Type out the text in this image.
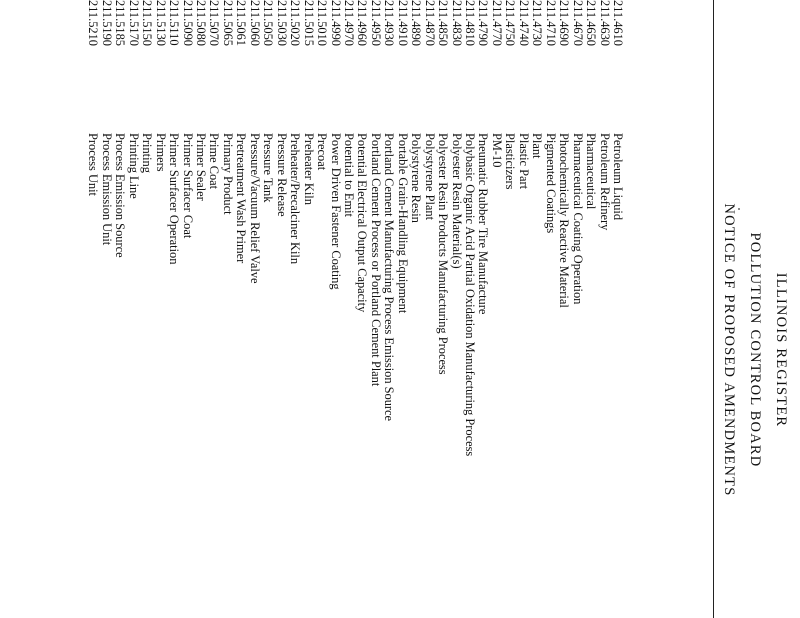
ILLINOIS REGISTER
POLLUTION CONTROL BOARD
NOTICE OF PROPOSED AMENDMENTS
211.4610
Petroleum Liquid
211.4630
Petroleum Refinery
211.4650
Pharmaceutical
211.4670
Pharmaceutical Coating Operation
211.4690
Photochemically Reactive Material
211.4710
Pigmented Coatings
211.4730
Plant
211.4740
Plastic Part
211.4750
Plasticizers
211.4770
PM-10
211.4790
Pneumatic Rubber Tire Manufacture
211.4810
Polybasic Organic Acid Partial Oxidation Manufacturing Process
211.4830
Polyester Resin Material(s)
211.4850
Polyester Resin Products Manufacturing Process
211.4870
Polystyrene Plant
211.4890
Polystyrene Resin
211.4910
Portable Grain-Handling Equipment
211.4930
Portland Cement Manufacturing Process Emission Source
211.4950
Portland Cement Process or Portland Cement Plant
211.4960
Potential Electrical Output Capacity
211.4970
Potential to Emit
211.4990
Power Driven Fastener Coating
211.5010
Precoat
211.5015
Preheater Kiln
211.5020
Preheater/Precalciner Kiln
211.5030
Pressure Release
211.5050
Pressure Tank
211.5060
Pressure/Vacuum Relief Valve
211.5061
Pretreatment Wash Primer
211.5065
Primary Product
211.5070
Prime Coat
211.5080
Primer Sealer
211.5090
Primer Surfacer Coat
211.5110
Primer Surfacer Operation
211.5130
Primers
211.5150
Printing
211.5170
Printing Line
211.5185
Process Emission Source
211.5190
Process Emission Unit
211.5210
Process Unit
